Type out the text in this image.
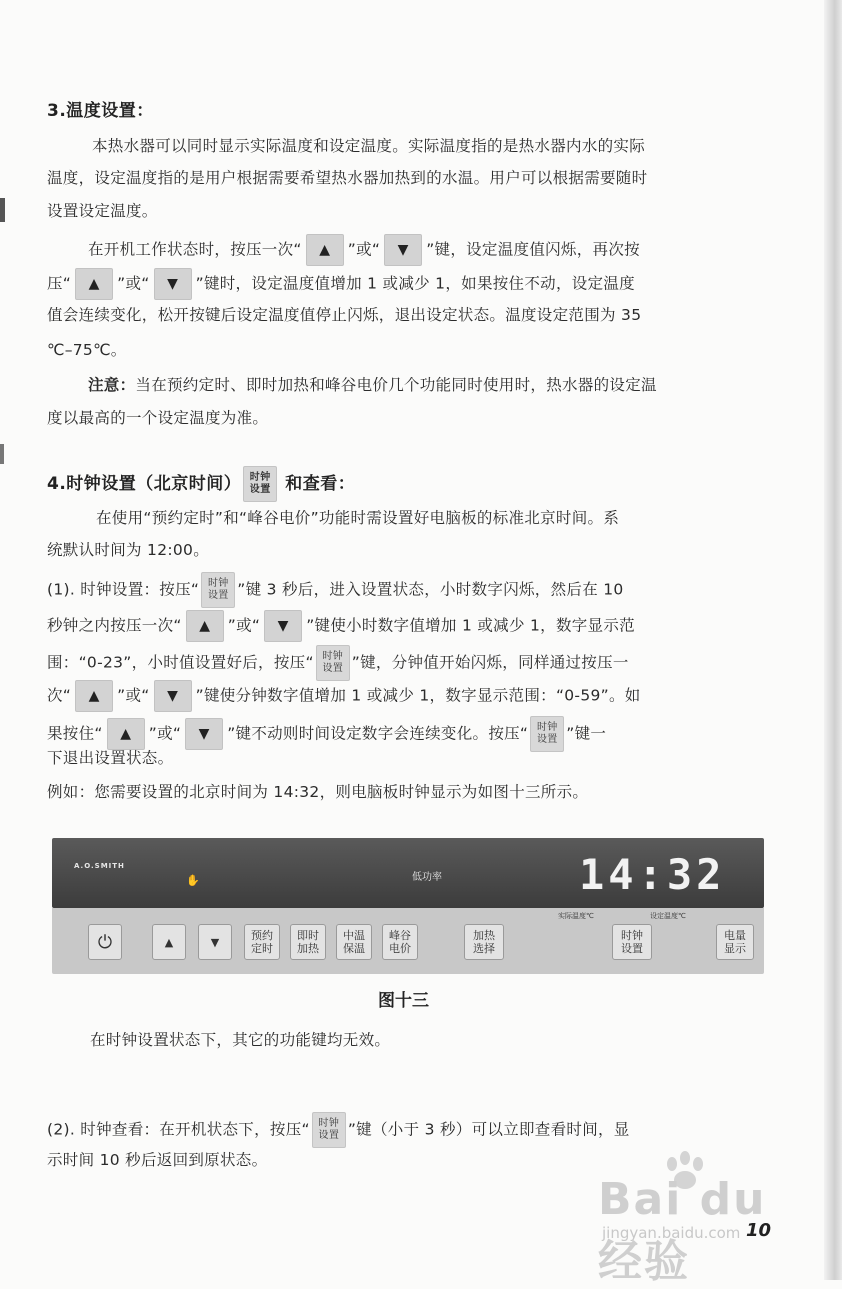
3.温度设置：
本热水器可以同时显示实际温度和设定温度。实际温度指的是热水器内水的实际
温度，设定温度指的是用户根据需要希望热水器加热到的水温。用户可以根据需要随时
设置设定温度。
在开机工作状态时，按压一次“ ▲ ”或“ ▼ ”键，设定温度值闪烁，再次按
压“ ▲ ”或“ ▼ ”键时，设定温度值增加 1 或减少 1，如果按住不动，设定温度
值会连续变化，松开按键后设定温度值停止闪烁，退出设定状态。温度设定范围为 35
℃–75℃。
注意：当在预约定时、即时加热和峰谷电价几个功能同时使用时，热水器的设定温
度以最高的一个设定温度为准。
4.时钟设置（北京时间） 时钟
设置 和查看：
在使用“预约定时”和“峰谷电价”功能时需设置好电脑板的标准北京时间。系
统默认时间为 12:00。
(1). 时钟设置：按压“ 时钟
设置 ”键 3 秒后，进入设置状态，小时数字闪烁，然后在 10
秒钟之内按压一次“ ▲ ”或“ ▼ ”键使小时数字值增加 1 或减少 1，数字显示范
围：“0-23”，小时值设置好后，按压“ 时钟
设置 ”键，分钟值开始闪烁，同样通过按压一
次“ ▲ ”或“ ▼ ”键使分钟数字值增加 1 或减少 1，数字显示范围：“0-59”。如
果按住“ ▲ ”或“ ▼ ”键不动则时间设定数字会连续变化。按压“ 时钟
设置 ”键一
下退出设置状态。
例如：您需要设置的北京时间为 14:32，则电脑板时钟显示为如图十三所示。
A.O.SMITH
✋	低功率	14:32
实际温度℃	设定温度℃
⏻	▲	▼	预约
定时
即时
加热
中温
保温
峰谷
电价
加热
选择
时钟
设置
电量
显示
图十三
在时钟设置状态下，其它的功能键均无效。
(2). 时钟查看：在开机状态下，按压“ 时钟
设置 ”键（小于 3 秒）可以立即查看时间，显
示时间 10 秒后返回到原状态。
Bai du 经验
jingyan.baidu.com 10
